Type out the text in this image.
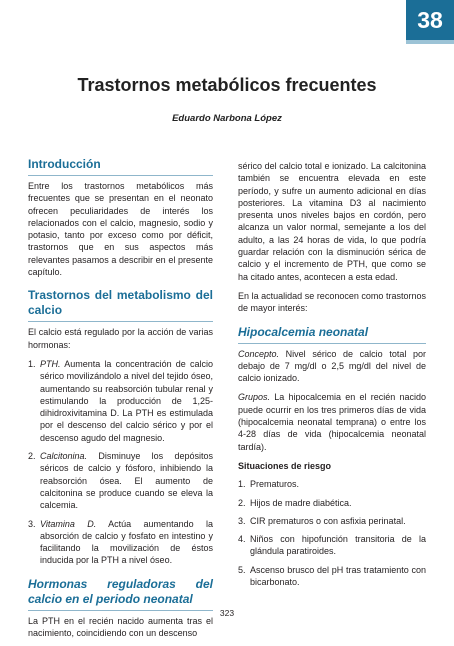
38
Trastornos metabólicos frecuentes
Eduardo Narbona López
Introducción

Entre los trastornos metabólicos más frecuentes que se presentan en el neonato ofrecen peculiaridades de interés los relacionados con el calcio, magnesio, sodio y potasio, tanto por exceso como por déficit, trastornos que en sus aspectos más relevantes pasamos a describir en el presente capítulo.

Trastornos del metabolismo del calcio

El calcio está regulado por la acción de varias hormonas:

1. PTH. Aumenta la concentración de calcio sérico movilizándolo a nivel del tejido óseo, aumentando su reabsorción tubular renal y estimulando la producción de 1,25-dihidroxivitamina D. La PTH es estimulada por el descenso del calcio sérico y por el descenso agudo del magnesio.
2. Calcitonina. Disminuye los depósitos séricos de calcio y fósforo, inhibiendo la reabsorción ósea. El aumento de calcitonina se produce cuando se eleva la calcemia.
3. Vitamina D. Actúa aumentando la absorción de calcio y fosfato en intestino y facilitando la movilización de éstos inducida por la PTH a nivel óseo.
Hormonas reguladoras del calcio en el periodo neonatal

La PTH en el recién nacido aumenta tras el nacimiento, coincidiendo con un descenso

sérico del calcio total e ionizado. La calcitonina también se encuentra elevada en este período, y sufre un aumento adicional en días posteriores. La vitamina D3 al nacimiento presenta unos niveles bajos en cordón, pero alcanza un valor normal, semejante a los del adulto, a las 24 horas de vida, lo que podría guardar relación con la disminución sérica de calcio y el incremento de PTH, que como se ha citado antes, acontecen a esta edad.

En la actualidad se reconocen como trastornos de mayor interés:

Hipocalcemia neonatal

Concepto. Nivel sérico de calcio total por debajo de 7 mg/dl o 2,5 mg/dl del nivel de calcio ionizado.

Grupos. La hipocalcemia en el recién nacido puede ocurrir en los tres primeros días de vida (hipocalcemia neonatal temprana) o entre los 4-28 días de vida (hipocalcemia neonatal tardía).

Situaciones de riesgo
1. Prematuros.
2. Hijos de madre diabética.
3. CIR prematuros o con asfixia perinatal.
4. Niños con hipofunción transitoria de la glándula paratiroides.
5. Ascenso brusco del pH tras tratamiento con bicarbonato.
323
